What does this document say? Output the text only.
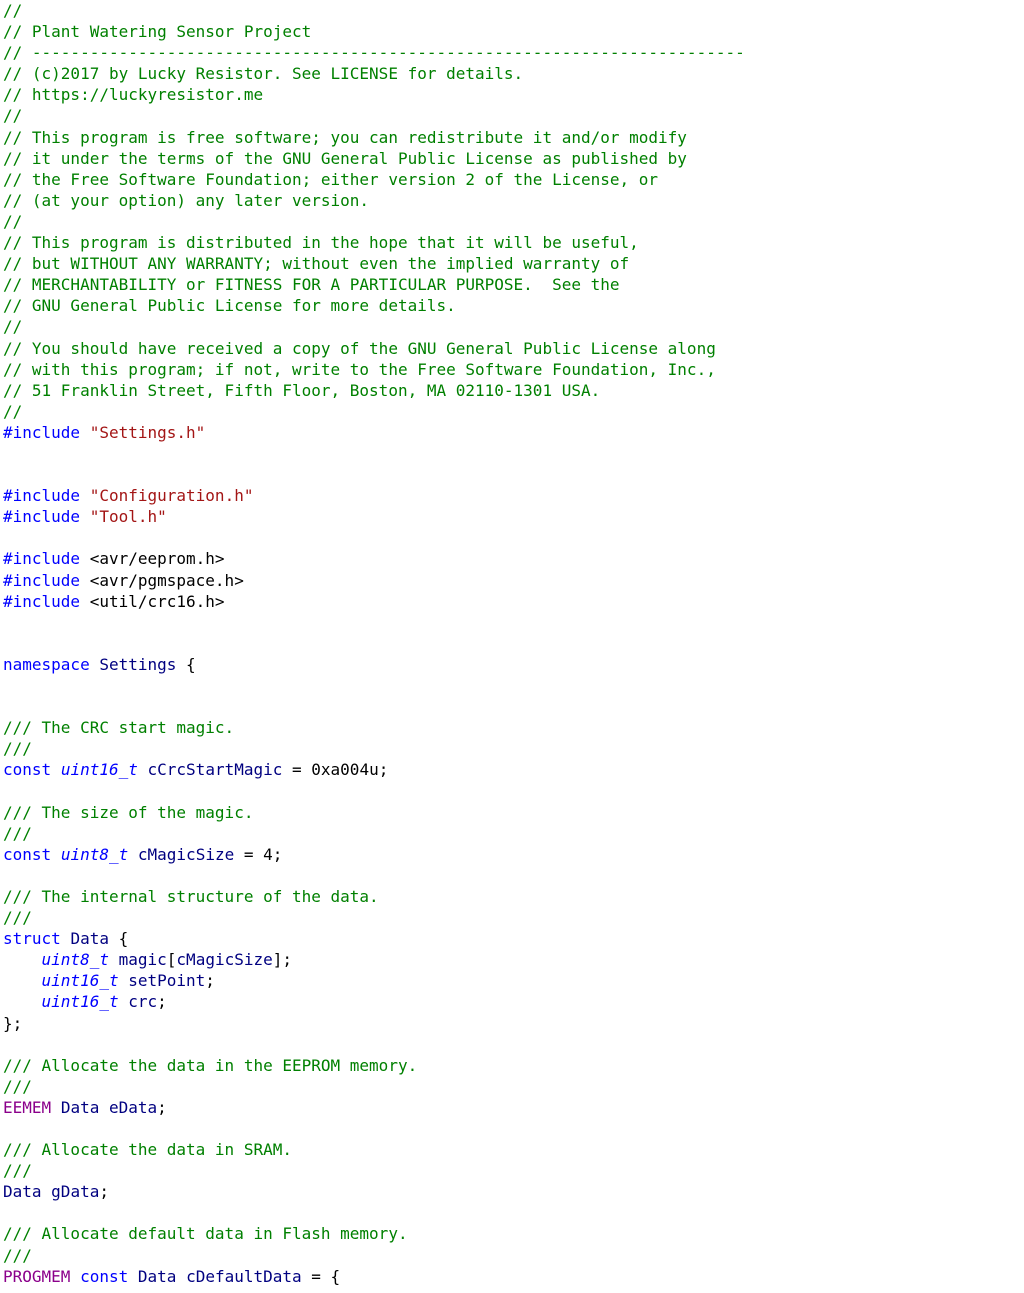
//
// Plant Watering Sensor Project
// --------------------------------------------------------------------------
// (c)2017 by Lucky Resistor. See LICENSE for details.
// https://luckyresistor.me
//
// This program is free software; you can redistribute it and/or modify
// it under the terms of the GNU General Public License as published by
// the Free Software Foundation; either version 2 of the License, or
// (at your option) any later version.
//
// This program is distributed in the hope that it will be useful,
// but WITHOUT ANY WARRANTY; without even the implied warranty of
// MERCHANTABILITY or FITNESS FOR A PARTICULAR PURPOSE.  See the
// GNU General Public License for more details.
//
// You should have received a copy of the GNU General Public License along
// with this program; if not, write to the Free Software Foundation, Inc.,
// 51 Franklin Street, Fifth Floor, Boston, MA 02110-1301 USA.
//
#include "Settings.h"
#include "Configuration.h"
#include "Tool.h"
#include <avr/eeprom.h>
#include <avr/pgmspace.h>
#include <util/crc16.h>
namespace Settings {
/// The CRC start magic.
///
const uint16_t cCrcStartMagic = 0xa004u;
/// The size of the magic.
///
const uint8_t cMagicSize = 4;
/// The internal structure of the data.
///
struct Data {
uint8_t magic[cMagicSize];
uint16_t setPoint;
uint16_t crc;
};
/// Allocate the data in the EEPROM memory.
///
EEMEM Data eData;
/// Allocate the data in SRAM.
///
Data gData;
/// Allocate default data in Flash memory.
///
PROGMEM const Data cDefaultData = {
